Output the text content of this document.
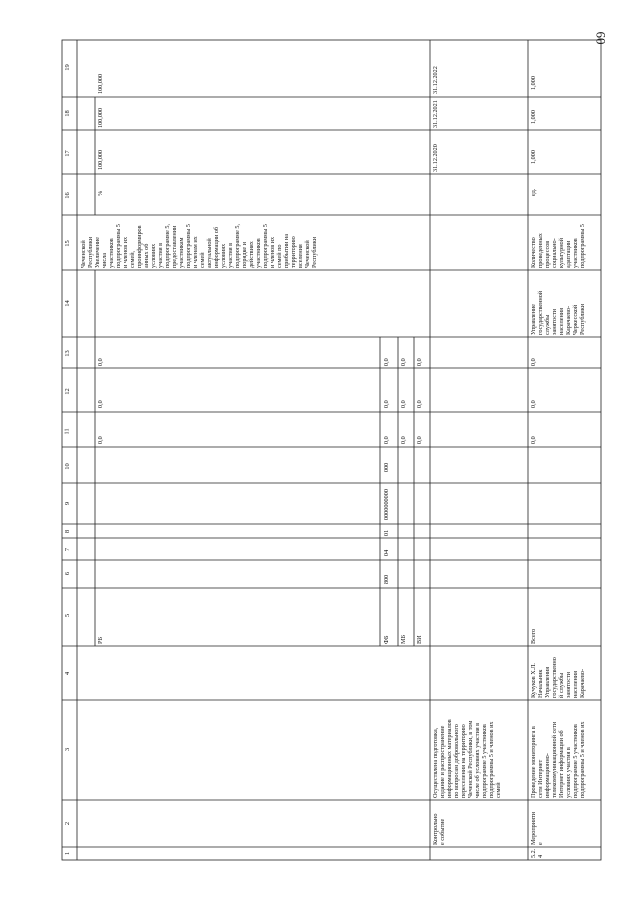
60
1
2
3
4
5
6
7
8
9
10
11
12
13
14
15
16
17
18
19
РБ
0,0
0,0
0,0
Чеченской
Республики
Увеличение
числа
участников
подпрограммы 5
и членов их
семей,
проинформиров
анных об
условиях
участия в
подпрограмме 5,
предоставлении
участникам
подпрограммы 5
и членам их
семей
актуальной
информации об
условиях
участия в
подпрограмме 5,
порядке и
действиях
участников
подпрограммы 5
и членов их
семей по
прибытии на
территорию
вселения
Чеченской
Республики
%
100,000
100,000
100,000
ФБ
800
04
01
0000000000
000
0,0
0,0
0,0
МБ
0,0
0,0
0,0
ВИ
0,0
0,0
0,0
Контрольно
е событие
Осуществлена подготовка,
издание и распространение
информационных материалов
по вопросам добровольного
переселения на территорию
Чеченской Республики, в том
числе об условиях участия в
подпрограмме 5 участников
подпрограммы 5 и членов их
семей
31.12.2020
31.12.2021
31.12.2022
5.2.
4
Мероприяти
е
Проведение мониторинга в
сети Интернет
информационно-
телекоммуникационной сети
Интернет информации об
условиях участия в
подпрограмме 5 участников
подпрограммы 5 и членов их
Кучуков Х.Л.
Начальник
Управления
государственно
й службы
занятости
населения
Карачаево-
Всего
0,0
0,0
0,0
Управление
государственной
службы
занятости
населения
Карачаево-
Черкесской
Республики
Количество
проведенных
процессов
социально-
культурной
адаптации
участников
подпрограммы 5
ед.
1,000
1,000
1,000
